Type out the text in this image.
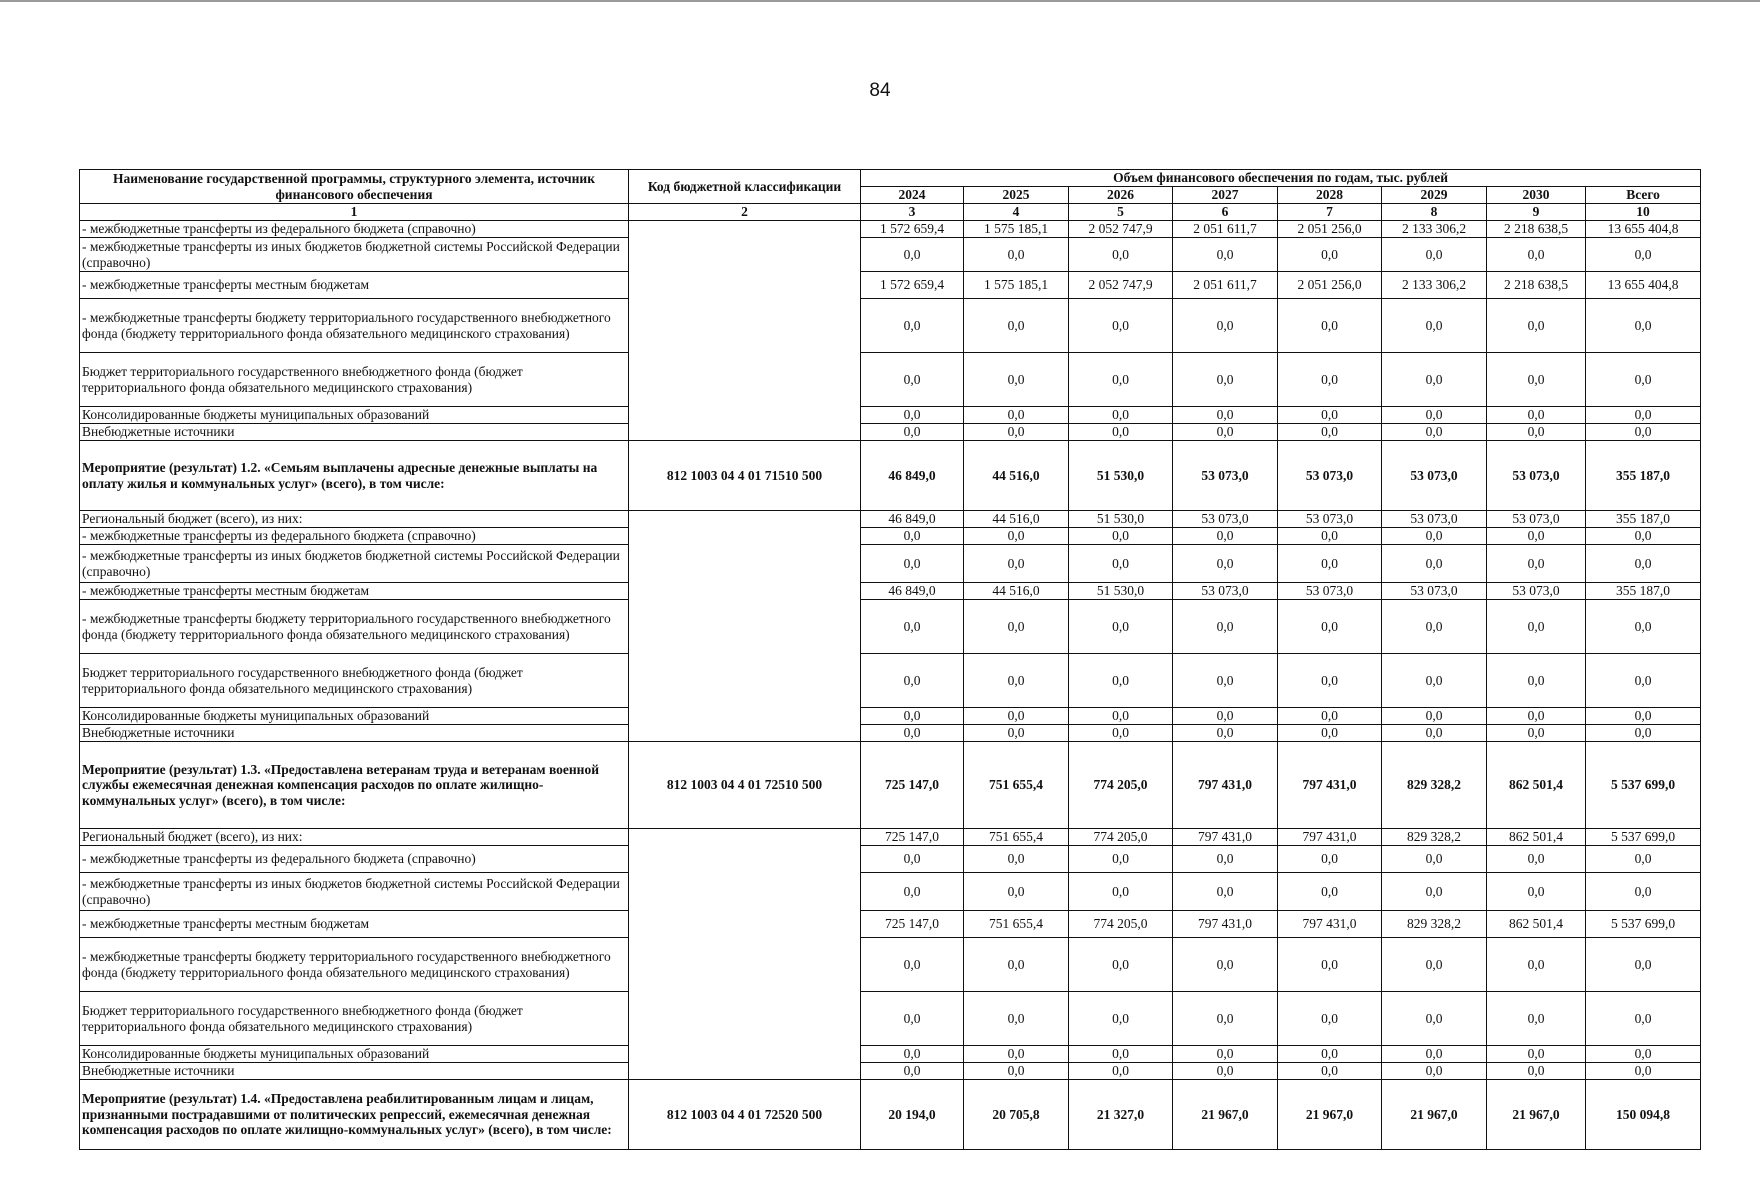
84
Наименование государственной программы, структурного элемента, источник финансового обеспечения	Код бюджетной классификации	Объем финансового обеспечения по годам, тыс. рублей							
		2024	2025	2026	2027	2028	2029	2030	Всего
1	2	3	4	5	6	7	8	9	10
- межбюджетные трансферты из федерального бюджета (справочно)		1 572 659,4	1 575 185,1	2 052 747,9	2 051 611,7	2 051 256,0	2 133 306,2	2 218 638,5	13 655 404,8
- межбюджетные трансферты из иных бюджетов бюджетной системы Российской Федерации (справочно)		0,0	0,0	0,0	0,0	0,0	0,0	0,0	0,0
- межбюджетные трансферты местным бюджетам		1 572 659,4	1 575 185,1	2 052 747,9	2 051 611,7	2 051 256,0	2 133 306,2	2 218 638,5	13 655 404,8
- межбюджетные трансферты бюджету территориального государственного внебюджетного фонда (бюджету территориального фонда обязательного медицинского страхования)		0,0	0,0	0,0	0,0	0,0	0,0	0,0	0,0
Бюджет территориального государственного внебюджетного фонда (бюджет территориального фонда обязательного медицинского страхования)		0,0	0,0	0,0	0,0	0,0	0,0	0,0	0,0
Консолидированные бюджеты муниципальных образований		0,0	0,0	0,0	0,0	0,0	0,0	0,0	0,0
Внебюджетные источники		0,0	0,0	0,0	0,0	0,0	0,0	0,0	0,0
Мероприятие (результат) 1.2. «Семьям выплачены адресные денежные выплаты на оплату жилья и коммунальных услуг» (всего), в том числе:	812 1003 04 4 01 71510 500	46 849,0	44 516,0	51 530,0	53 073,0	53 073,0	53 073,0	53 073,0	355 187,0
Региональный бюджет (всего), из них:		46 849,0	44 516,0	51 530,0	53 073,0	53 073,0	53 073,0	53 073,0	355 187,0
- межбюджетные трансферты из федерального бюджета (справочно)		0,0	0,0	0,0	0,0	0,0	0,0	0,0	0,0
- межбюджетные трансферты из иных бюджетов бюджетной системы Российской Федерации (справочно)		0,0	0,0	0,0	0,0	0,0	0,0	0,0	0,0
- межбюджетные трансферты местным бюджетам		46 849,0	44 516,0	51 530,0	53 073,0	53 073,0	53 073,0	53 073,0	355 187,0
- межбюджетные трансферты бюджету территориального государственного внебюджетного фонда (бюджету территориального фонда обязательного медицинского страхования)		0,0	0,0	0,0	0,0	0,0	0,0	0,0	0,0
Бюджет территориального государственного внебюджетного фонда (бюджет территориального фонда обязательного медицинского страхования)		0,0	0,0	0,0	0,0	0,0	0,0	0,0	0,0
Консолидированные бюджеты муниципальных образований		0,0	0,0	0,0	0,0	0,0	0,0	0,0	0,0
Внебюджетные источники		0,0	0,0	0,0	0,0	0,0	0,0	0,0	0,0
Мероприятие (результат) 1.3. «Предоставлена ветеранам труда и ветеранам военной службы ежемесячная денежная компенсация расходов по оплате жилищно-коммунальных услуг» (всего), в том числе:	812 1003 04 4 01 72510 500	725 147,0	751 655,4	774 205,0	797 431,0	797 431,0	829 328,2	862 501,4	5 537 699,0
Региональный бюджет (всего), из них:		725 147,0	751 655,4	774 205,0	797 431,0	797 431,0	829 328,2	862 501,4	5 537 699,0
- межбюджетные трансферты из федерального бюджета (справочно)		0,0	0,0	0,0	0,0	0,0	0,0	0,0	0,0
- межбюджетные трансферты из иных бюджетов бюджетной системы Российской Федерации (справочно)		0,0	0,0	0,0	0,0	0,0	0,0	0,0	0,0
- межбюджетные трансферты местным бюджетам		725 147,0	751 655,4	774 205,0	797 431,0	797 431,0	829 328,2	862 501,4	5 537 699,0
- межбюджетные трансферты бюджету территориального государственного внебюджетного фонда (бюджету территориального фонда обязательного медицинского страхования)		0,0	0,0	0,0	0,0	0,0	0,0	0,0	0,0
Бюджет территориального государственного внебюджетного фонда (бюджет территориального фонда обязательного медицинского страхования)		0,0	0,0	0,0	0,0	0,0	0,0	0,0	0,0
Консолидированные бюджеты муниципальных образований		0,0	0,0	0,0	0,0	0,0	0,0	0,0	0,0
Внебюджетные источники		0,0	0,0	0,0	0,0	0,0	0,0	0,0	0,0
Мероприятие (результат) 1.4. «Предоставлена реабилитированным лицам и лицам, признанными пострадавшими от политических репрессий, ежемесячная денежная компенсация расходов по оплате жилищно-коммунальных услуг» (всего), в том числе:	812 1003 04 4 01 72520 500	20 194,0	20 705,8	21 327,0	21 967,0	21 967,0	21 967,0	21 967,0	150 094,8
